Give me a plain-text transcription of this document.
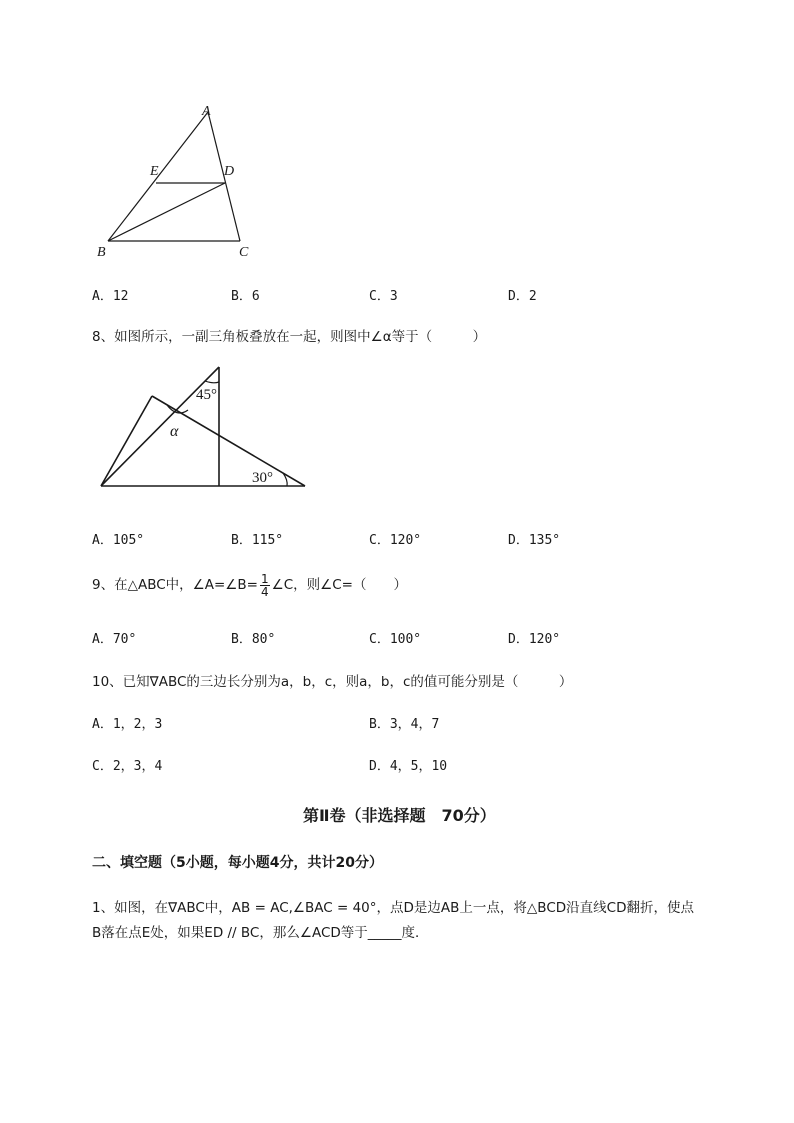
A
E	D
B	C
A．12	B．6	C．3	D．2
8、如图所示，一副三角板叠放在一起，则图中∠α等于（　　　）
45°
30°
α
A．105°	B．115°	C．120°	D．135°
9、在△ABC中，∠A=∠B= $\frac{1}{4}$ ∠C，则∠C=（　　）
A．70°	B．80°	C．100°	D．120°
10、已知∇ABC的三边长分别为a，b，c，则a，b，c的值可能分别是（　　　）
A．1，2，3	B．3，4，7
C．2，3，4	D．4，5，10
第Ⅱ卷（非选择题　70分）
二、填空题（5小题，每小题4分，共计20分）
1、如图，在∇ABC中，AB = AC,∠BAC = 40°，点D是边AB上一点，将△BCD沿直线CD翻折，使点
B落在点E处，如果ED // BC，那么∠ACD等于_____度．
